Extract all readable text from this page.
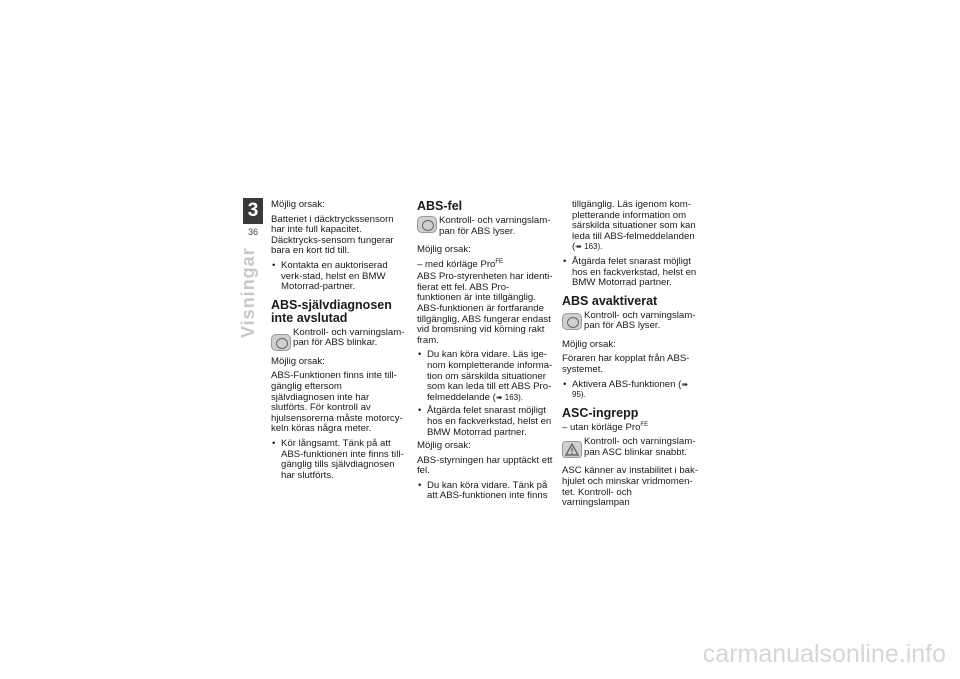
3
36
Visningar

Möjlig orsak:

Batteriet i däcktryckssensorn har inte full kapacitet. Däcktrycks-sensorn fungerar bara en kort tid till.

• Kontakta en auktoriserad verk-stad, helst en BMW Motorrad-partner.

ABS-självdiagnosen inte avslutad
Kontroll- och varningslam-pan för ABS blinkar.

Möjlig orsak:

ABS-Funktionen finns inte till-gänglig eftersom självdiagnosen inte har slutförts. För kontroll av hjulsensorerna måste motorcy-keln köras några meter.

• Kör långsamt. Tänk på att ABS-funktionen inte finns till-gänglig tills självdiagnosen har slutförts.

ABS-fel
Kontroll- och varningslam-pan för ABS lyser.

Möjlig orsak:

– med körläge Pro$^{FE}$

ABS Pro-styrenheten har identi-fierat ett fel. ABS Pro-funktionen är inte tillgänglig. ABS-funktionen är fortfarande tillgänglig. ABS fungerar endast vid bromsning vid körning rakt fram.

• Du kan köra vidare. Läs ige-nom kompletterande informa-tion om särskilda situationer som kan leda till ett ABS Pro-felmeddelande (➠ 163).

• Åtgärda felet snarast möjligt hos en fackverkstad, helst en BMW Motorrad partner.

Möjlig orsak:

ABS-styrningen har upptäckt ett fel.

• Du kan köra vidare. Tänk på att ABS-funktionen inte finns

tillgänglig. Läs igenom kom-pletterande information om särskilda situationer som kan leda till ABS-felmeddelanden (➠ 163).

• Åtgärda felet snarast möjligt hos en fackverkstad, helst en BMW Motorrad partner.

ABS avaktiverat
Kontroll- och varningslam-pan för ABS lyser.

Möjlig orsak:

Föraren har kopplat från ABS-systemet.

• Aktivera ABS-funktionen (➠ 95).

ASC-ingrepp

– utan körläge Pro$^{FE}$

Kontroll- och varningslam-pan ASC blinkar snabbt.

ASC känner av instabilitet i bak-hjulet och minskar vridmomen-tet. Kontroll- och varningslampan

carmanualsonline.info
